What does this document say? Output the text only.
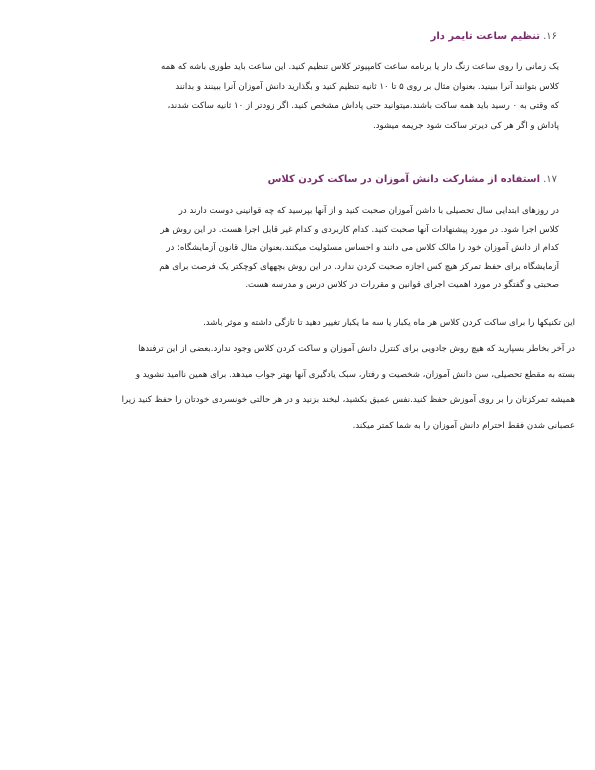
۱۶.تنظیم ساعت تایمر دار
یک زمانی را روی ساعت زنگ دار یا برنامه ساعت کامپیوتر کلاس تنظیم کنید. این ساعت باید طوری باشه که همه
کلاس بتوانند آنرا ببینید. بعنوان مثال بر روی ۵ تا ۱۰ ثانیه تنظیم کنید و بگذارید دانش آموزان آنرا ببینند و بدانند
که وقتی به ۰ رسید باید همه ساکت باشند.میتوانید حتی پاداش مشخص کنید. اگر زودتر از ۱۰ ثانیه ساکت شدند،
پاداش و اگر هر کی دیرتر ساکت شود جریمه میشود.
۱۷.استفاده از مشارکت دانش آموزان در ساکت کردن کلاس
در روزهای ابتدایی سال تحصیلی با داشن آموزان صحبت کنید و از آنها بپرسید که چه قوانینی دوست دارند در
کلاس اجرا شود. در مورد پیشنهادات آنها صحبت کنید. کدام کاربردی و کدام غیر قابل اجرا هست. در این روش هر
کدام از دانش آموزان خود را مالک کلاس می دانند و احساس مسئولیت میکنند.بعنوان مثال قانون آزمایشگاه: در
آزمایشگاه برای حفظ تمرکز هیچ کس اجازه صحبت کردن ندارد. در این روش بچههای کوچکتر یک فرصت برای هم
صحبتی و گفتگو در مورد اهمیت اجرای قوانین و مقررات در کلاس درس و مدرسه هست.
این تکنیکها را برای ساکت کردن کلاس هر ماه یکبار یا سه ما یکبار تغییر دهید تا تازگی داشته و موثر باشد.
در آخر بخاطر بسپارید که هیچ روش جادویی برای کنترل دانش آموزان و ساکت کردن کلاس وجود ندارد.بعضی از این ترفندها
بسته به مقطع تحصیلی، سن دانش آموزان، شخصیت و رفتار، سبک یادگیری آنها بهتر جواب میدهد. برای همین ناامید نشوید و
همیشه تمرکزتان را بر روی آموزش حفظ کنید.نفس عمیق بکشید، لبخند بزنید و در هر حالتی خونسردی خودتان را حفظ کنید زیرا
عصبانی شدن فقط احترام دانش آموزان را به شما کمتر میکند.
